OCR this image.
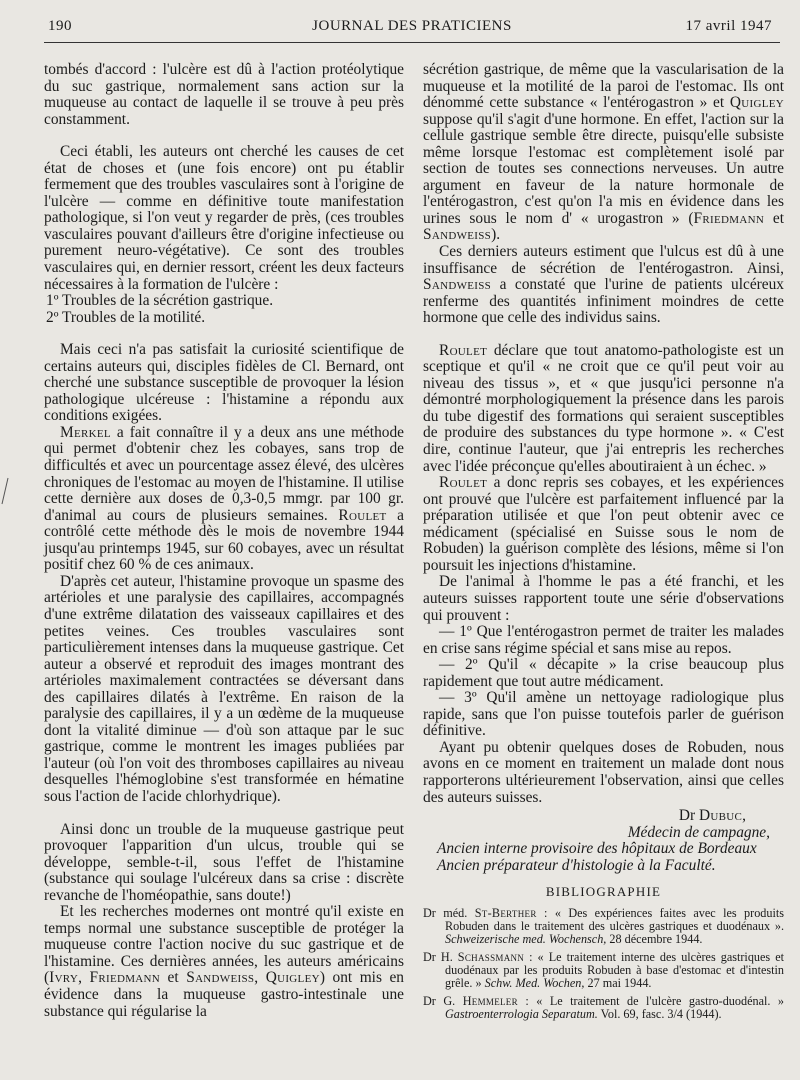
190	JOURNAL DES PRATICIENS	17 avril 1947

tombés d'accord : l'ulcère est dû à l'action protéolytique du suc gastrique, normalement sans action sur la muqueuse au contact de laquelle il se trouve à peu près constamment.

Ceci établi, les auteurs ont cherché les causes de cet état de choses et (une fois encore) ont pu établir fermement que des troubles vasculaires sont à l'origine de l'ulcère — comme en définitive toute manifestation pathologique, si l'on veut y regarder de près, (ces troubles vasculaires pouvant d'ailleurs être d'origine infectieuse ou purement neuro-végétative). Ce sont des troubles vasculaires qui, en dernier ressort, créent les deux facteurs nécessaires à la formation de l'ulcère :

1º Troubles de la sécrétion gastrique.
2º Troubles de la motilité.

Mais ceci n'a pas satisfait la curiosité scientifique de certains auteurs qui, disciples fidèles de Cl. Bernard, ont cherché une substance susceptible de provoquer la lésion pathologique ulcéreuse : l'histamine a répondu aux conditions exigées.

Merkel a fait connaître il y a deux ans une méthode qui permet d'obtenir chez les cobayes, sans trop de difficultés et avec un pourcentage assez élevé, des ulcères chroniques de l'estomac au moyen de l'histamine. Il utilise cette dernière aux doses de 0,3-0,5 mmgr. par 100 gr. d'animal au cours de plusieurs semaines. Roulet a contrôlé cette méthode dès le mois de novembre 1944 jusqu'au printemps 1945, sur 60 cobayes, avec un résultat positif chez 60 % de ces animaux.

D'après cet auteur, l'histamine provoque un spasme des artérioles et une paralysie des capillaires, accompagnés d'une extrême dilatation des vaisseaux capillaires et des petites veines. Ces troubles vasculaires sont particulièrement intenses dans la muqueuse gastrique. Cet auteur a observé et reproduit des images montrant des artérioles maximalement contractées se déversant dans des capillaires dilatés à l'extrême. En raison de la paralysie des capillaires, il y a un œdème de la muqueuse dont la vitalité diminue — d'où son attaque par le suc gastrique, comme le montrent les images publiées par l'auteur (où l'on voit des thromboses capillaires au niveau desquelles l'hémoglobine s'est transformée en hématine sous l'action de l'acide chlorhydrique).

Ainsi donc un trouble de la muqueuse gastrique peut provoquer l'apparition d'un ulcus, trouble qui se développe, semble-t-il, sous l'effet de l'histamine (substance qui soulage l'ulcéreux dans sa crise : discrète revanche de l'homéopathie, sans doute!)

Et les recherches modernes ont montré qu'il existe en temps normal une substance susceptible de protéger la muqueuse contre l'action nocive du suc gastrique et de l'histamine. Ces dernières années, les auteurs américains (Ivry, Friedmann et Sandweiss, Quigley) ont mis en évidence dans la muqueuse gastro-intestinale une substance qui régularise la

sécrétion gastrique, de même que la vascularisation de la muqueuse et la motilité de la paroi de l'estomac. Ils ont dénommé cette substance « l'entérogastron » et Quigley suppose qu'il s'agit d'une hormone. En effet, l'action sur la cellule gastrique semble être directe, puisqu'elle subsiste même lorsque l'estomac est complètement isolé par section de toutes ses connections nerveuses. Un autre argument en faveur de la nature hormonale de l'entérogastron, c'est qu'on l'a mis en évidence dans les urines sous le nom d' « urogastron » (Friedmann et Sandweiss).

Ces derniers auteurs estiment que l'ulcus est dû à une insuffisance de sécrétion de l'entérogastron. Ainsi, Sandweiss a constaté que l'urine de patients ulcéreux renferme des quantités infiniment moindres de cette hormone que celle des individus sains.

Roulet déclare que tout anatomo-pathologiste est un sceptique et qu'il « ne croit que ce qu'il peut voir au niveau des tissus », et « que jusqu'ici personne n'a démontré morphologiquement la présence dans les parois du tube digestif des formations qui seraient susceptibles de produire des substances du type hormone ». « C'est dire, continue l'auteur, que j'ai entrepris les recherches avec l'idée préconçue qu'elles aboutiraient à un échec. »

Roulet a donc repris ses cobayes, et les expériences ont prouvé que l'ulcère est parfaitement influencé par la préparation utilisée et que l'on peut obtenir avec ce médicament (spécialisé en Suisse sous le nom de Robuden) la guérison complète des lésions, même si l'on poursuit les injections d'histamine.

De l'animal à l'homme le pas a été franchi, et les auteurs suisses rapportent toute une série d'observations qui prouvent :

— 1º Que l'entérogastron permet de traiter les malades en crise sans régime spécial et sans mise au repos.

— 2º Qu'il « décapite » la crise beaucoup plus rapidement que tout autre médicament.

— 3º Qu'il amène un nettoyage radiologique plus rapide, sans que l'on puisse toutefois parler de guérison définitive.

Ayant pu obtenir quelques doses de Robuden, nous avons en ce moment en traitement un malade dont nous rapporterons ultérieurement l'observation, ainsi que celles des auteurs suisses.

Dr Dubuc,

Médecin de campagne,

Ancien interne provisoire des hôpitaux de Bordeaux

Ancien préparateur d'histologie à la Faculté.

BIBLIOGRAPHIE

Dr méd. St-Berther : « Des expériences faites avec les produits Robuden dans le traitement des ulcères gastriques et duodénaux ». Schweizerische med. Wochensch, 28 décembre 1944.

Dr H. Schassmann : « Le traitement interne des ulcères gastriques et duodénaux par les produits Robuden à base d'estomac et d'intestin grêle. » Schw. Med. Wochen, 27 mai 1944.

Dr G. Hemmeler : « Le traitement de l'ulcère gastro-duodénal. » Gastroenterrologia Separatum. Vol. 69, fasc. 3/4 (1944).
